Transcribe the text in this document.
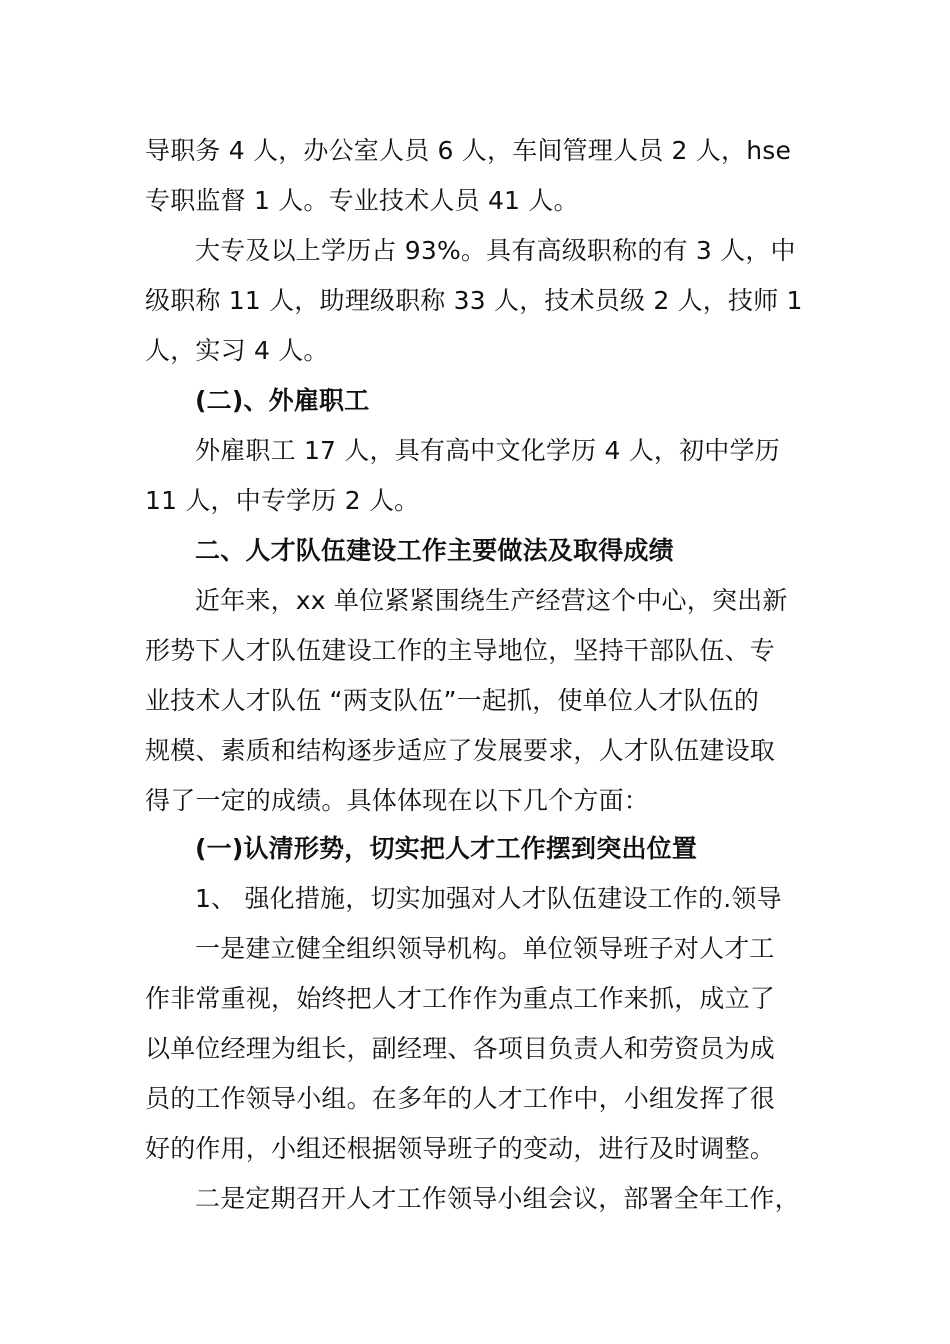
导职务 4 人，办公室人员 6 人，车间管理人员 2 人，hse
专职监督 1 人。专业技术人员 41 人。
大专及以上学历占 93%。具有高级职称的有 3 人，中
级职称 11 人，助理级职称 33 人，技术员级 2 人，技师 1
人，实习 4 人。
(二)、外雇职工
外雇职工 17 人，具有高中文化学历 4 人，初中学历
11 人，中专学历 2 人。
二、人才队伍建设工作主要做法及取得成绩
近年来，xx 单位紧紧围绕生产经营这个中心，突出新
形势下人才队伍建设工作的主导地位，坚持干部队伍、专
业技术人才队伍 “两支队伍”一起抓，使单位人才队伍的
规模、素质和结构逐步适应了发展要求，人才队伍建设取
得了一定的成绩。具体体现在以下几个方面：
(一)认清形势，切实把人才工作摆到突出位置
1、 强化措施，切实加强对人才队伍建设工作的.领导
一是建立健全组织领导机构。单位领导班子对人才工
作非常重视，始终把人才工作作为重点工作来抓，成立了
以单位经理为组长，副经理、各项目负责人和劳资员为成
员的工作领导小组。在多年的人才工作中，小组发挥了很
好的作用，小组还根据领导班子的变动，进行及时调整。
二是定期召开人才工作领导小组会议，部署全年工作，
